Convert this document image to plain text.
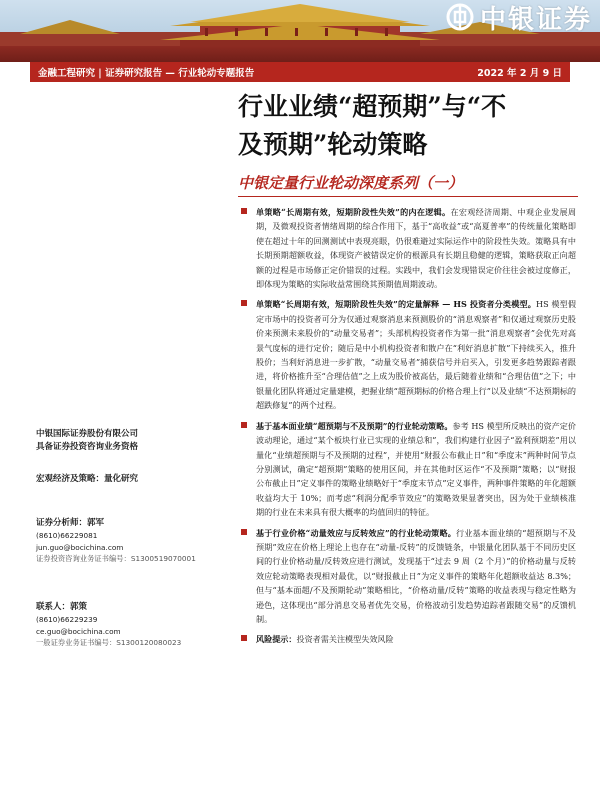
中银证券
金融工程研究 | 证券研究报告 — 行业轮动专题报告	2022 年 2 月 9 日
行业业绩“超预期”与“不
及预期”轮动策略
中银定量行业轮动深度系列（一）

单策略“长周期有效，短期阶段性失效”的内在逻辑。在宏观经济周期、中观企业发展周期，及微观投资者情绪周期的综合作用下，基于“高收益”或“高夏普率”的传统量化策略即使在超过十年的回测测试中表现亮眼，仍很难避过实际运作中的阶段性失效。策略具有中长期预期超额收益，体现资产被错误定价的根源具有长期且稳健的逻辑，策略获取正向超额的过程是市场修正定价错误的过程。实践中，我们会发现错误定价往往会被过度修正，即体现为策略的实际收益常围绕其预期值周期波动。

单策略“长周期有效，短期阶段性失效”的定量解释 — HS 投资者分类模型。HS 模型假定市场中的投资者可分为仅通过观察消息来预测股价的“消息观察者”和仅通过观察历史股价来预测未来股价的“动量交易者”；头部机构投资者作为第一批“消息观察者”会优先对高景气度标的进行定价；随后是中小机构投资者和散户在“利好消息扩散”下持续买入，推升股价；当利好消息进一步扩散，“动量交易者”捕获信号并启买入，引发更多趋势跟踪者跟进，将价格推升至“合理估值”之上成为股价被高估，最后随着业绩和“合理估值”之下；中银量化团队将通过定量建模，把握业绩“超预期标的价格合理上行”以及业绩“不达预期标的超跌修复”的两个过程。

基于基本面业绩“超预期与不及预期”的行业轮动策略。参考 HS 模型所反映出的资产定价波动理论，通过“某个板块行业已实现的业绩总和”，我们构建行业因子“盈利预期差”用以量化“业绩超预期与不及预期的过程”，并使用“财报公布截止日”和“季度末”两种时间节点分别测试，确定“超预期”策略的使用区间，并在其他时区运作“不及预期”策略；以“财报公布截止日”定义事件的策略业绩略好于“季度末节点”定义事件，两种事件策略的年化超额收益均大于 10%；而考虑“利润分配季节效应”的策略效果显著突出，因为处于业绩核准期的行业在未来具有很大概率的均值回归的特征。

基于行业价格“动量效应与反转效应”的行业轮动策略。行业基本面业绩的“超预期与不及预期”效应在价格上理论上也存在“动量-反转”的反馈链条，中银量化团队基于不同历史区间的行业价格动量/反转效应进行测试，发现基于“过去 9 周（2 个月）”的价格动量与反转效应轮动策略表现相对最优，以“财报截止日”为定义事件的策略年化超额收益达 8.3%；但与“基本面超/不及预期轮动”策略相比，“价格动量/反转”策略的收益表现与稳定性略为逊色，这体现出“部分消息交易者优先交易，价格波动引发趋势追踪者跟随交易”的反馈机制。

风险提示：投资者需关注模型失效风险

中银国际证券股份有限公司
具备证券投资咨询业务资格
宏观经济及策略：量化研究
证券分析师：郭军
(8610)66229081
jun.guo@bocichina.com
证券投资咨询业务证书编号：S1300519070001
联系人：郭策
(8610)66229239
ce.guo@bocichina.com
一般证券业务证书编号：S1300120080023
